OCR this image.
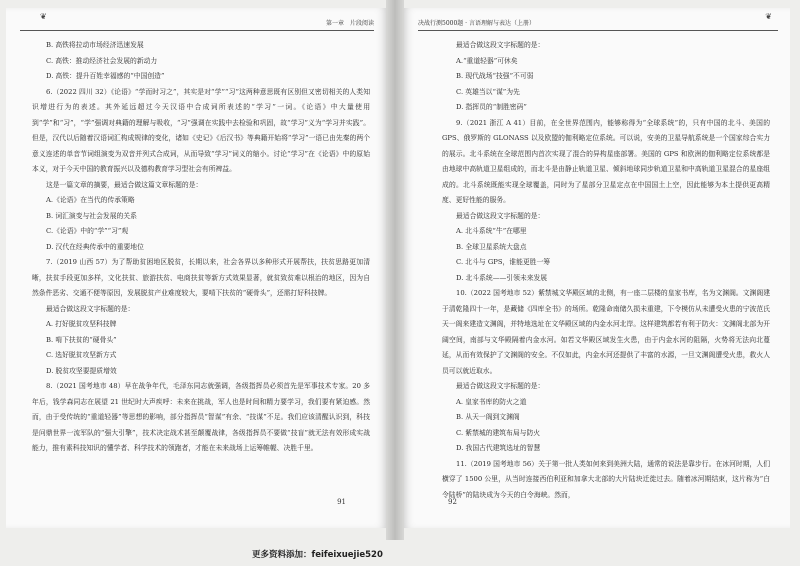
❦
第一章　片段阅读

B. 高铁将拉动市场经济迅速发展

C. 高铁：推动经济社会发展的新动力

D. 高铁：提升百姓幸福感的“中国创造”

6.（2022 四川 32）《论语》“学而时习之”，其实是对“学”“习”这两种意思既有区别但又密切相关的人类知识增进行为的表述。其外延远超过今天汉语中合成词所表述的“学习”一词。《论语》中大量使用到“学”和“习”，“学”强调对典籍的理解与吸收，“习”强调在实践中去检验和巩固，故“学习”义为“学习并实践”。但是，汉代以后随着汉语词汇构成规律的变化，诸如《史记》《后汉书》等典籍开始将“学习”一语已由先秦的两个意义连述的单音节词组演变为双音并列式合成词，从而导致“学习”词义的缩小。讨论“学习”在《论语》中的原始本义，对于今天中国的教育振兴以及德构教育学习型社会有所裨益。

这是一篇文章的摘要，最适合做这篇文章标题的是：

A.《论语》在当代的传承策略

B. 词汇演变与社会发展的关系

C.《论语》中的“学”“习”观

D. 汉代在经典传承中的重要地位

7.（2019 山西 57）为了帮助贫困地区脱贫，长期以来，社会各界以多种形式开展帮扶，扶贫思路更加清晰，扶贫手段更加多样，文化扶贫、旅游扶贫、电商扶贫等新方式效果显著，就贫致贫难以根治的地区，因为自然条件恶劣、交通不便等原因，发展脱贫产业难度较大，要啃下扶贫的“硬骨头”，还需打好科技牌。

最适合做这段文字标题的是：

A. 打好脱贫攻坚科技牌

B. 啃下扶贫的“硬骨头”

C. 选好脱贫攻坚新方式

D. 脱贫攻坚要提质增效

8.（2021 国考地市 48）早在战争年代，毛泽东同志就强调，各级指挥员必须首先是军事技术专家。20 多年后，钱学森同志在展望 21 世纪时大声疾呼：未来在挑战，军人也是时间和精力要学习，我们要有紧迫感。然而，由于受传统的“重道轻器”等思想的影响，部分指挥员“智谋”有余、“技谋”不足。我们应该清醒认识到，科技是问鼎世界一流军队的“强大引擎”，技术决定战术甚至颠覆战律，各级指挥员不要做“技盲”就无法有效形成实战能力，推有素科技知识的懂学者、科学技术的领跑者，才能在未来战场上运筹帷幄、决胜千里。

91
❦
决战行测5000题 · 言语理解与表达（上册）

最适合做这段文字标题的是：

A.“重道轻器”可休矣

B. 现代战场“技强”不可弱

C. 英雄当以“谋”为先

D. 指挥员的“制胜密码”

9.（2021 浙江 A 41）目前，在全世界范围内，能够称得为“全球系统”的，只有中国的北斗、美国的 GPS、俄罗斯的 GLONASS 以及欧盟的伽利略定位系统。可以说，安美的卫星导航系统是一个国家综合实力的展示。北斗系统在全球范围内首次实现了混合的异构星座部署。美国的 GPS 和欧洲的伽利略定位系统都是由地球中高轨道卫星组成的，而北斗是由静止轨道卫星、倾斜地球同步轨道卫星和中高轨道卫星混合的星座组成的。北斗系统既能实现全球覆盖，同时为了星部分卫星定点在中国国土上空，因此能够为本土提供更高精度、更好性能的服务。

最适合做这段文字标题的是：

A. 北斗系统“牛”在哪里

B. 全球卫星系统大盘点

C. 北斗与 GPS，谁能更胜一筹

D. 北斗系统——引领未来发展

10.（2022 国考地市 52）紫禁城文华殿区域的北侧，有一座二层楼的皇家书库，名为文渊阁。文渊阁建于清乾隆四十一年，是藏储《四库全书》的场所。乾隆命南储久损未重建，下令模仿从未遭受火患的宁波范氏天一阁来建造文渊阁，并特地选址在文华殿区域的内金水河北岸。这样建筑都若有利于防火：文渊阁北部为开阔空间，南部与文华殿隔着内金水河。如若文华殿区域发生火患，由于内金水河的阻隔，火势将无法向北蔓延，从而有效保护了文渊阁的安全。不仅如此，内金水河还提供了丰富的水源，一旦文渊阁遭受火患，救火人员可以就近取水。

最适合做这段文字标题的是：

A. 皇家书库的防火之道

B. 从天一阁到文渊阁

C. 紫禁城的建筑布局与防火

D. 我国古代建筑选址的智慧

11.（2019 国考地市 56）关于第一批人类如何来到美洲大陆，通常的说法是靠步行。在冰河时期，人们横穿了 1500 公里，从当时连接西伯利亚和加拿大北部的大片陆块迁徙过去。随着冰河期结束，这片称为“白令陆桥”的陆块成为今天的白令海峡。然而，

92
更多资料添加：feifeixuejie520
